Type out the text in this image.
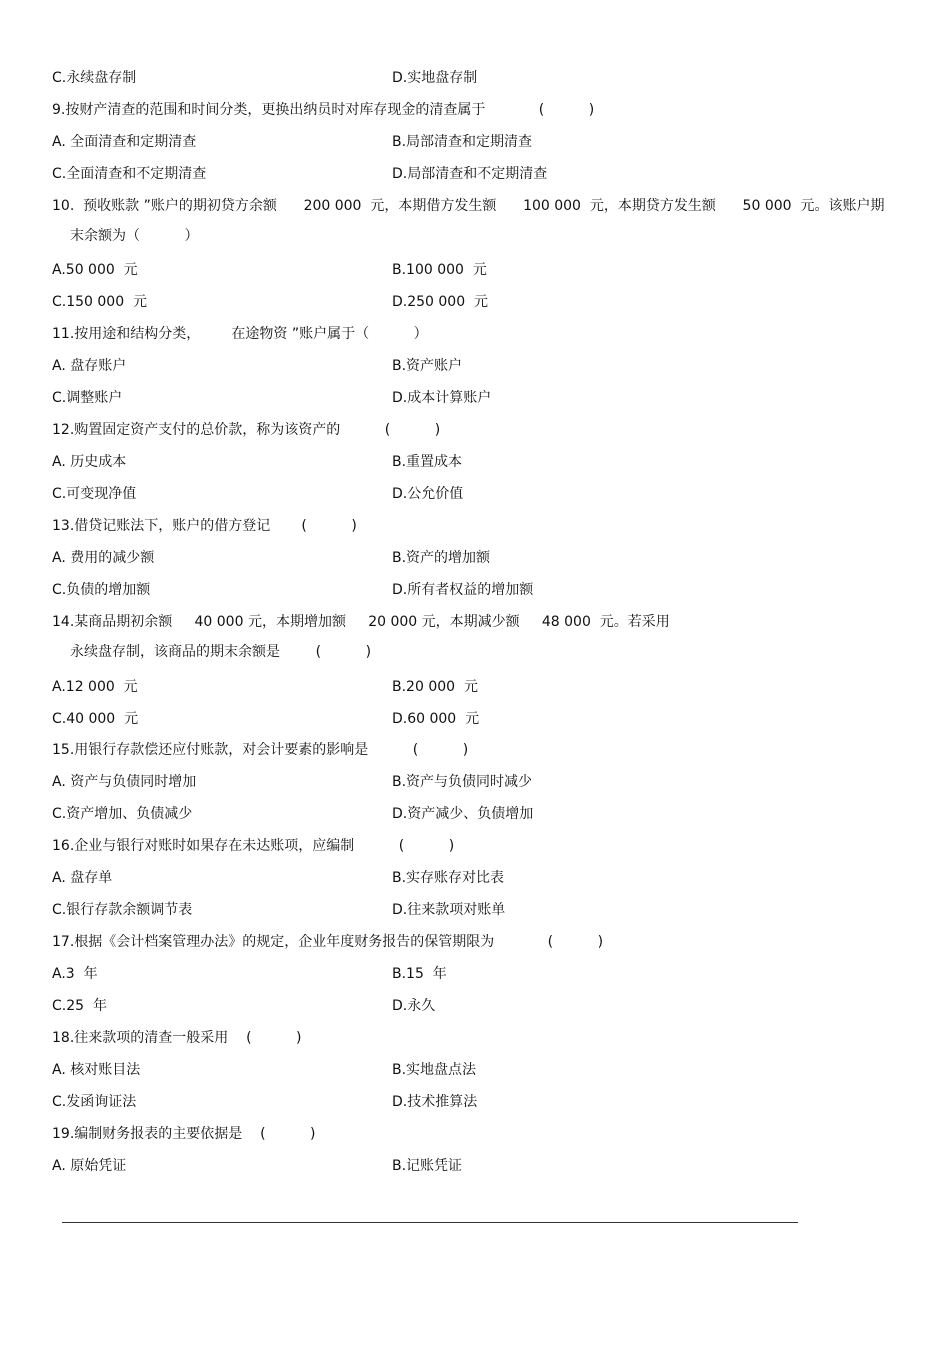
C.永续盘存制	D.实地盘存制
9.按财产清查的范围和时间分类，更换出纳员时对库存现金的清查属于            (          )
A. 全面清查和定期清查	B.局部清查和定期清查
C.全面清查和不定期清查	D.局部清查和不定期清查
10.  预收账款 ”账户的期初贷方余额      200 000  元，本期借方发生额      100 000  元，本期贷方发生额      50 000  元。该账户期
末余额为（          ）
A.50 000  元	B.100 000  元
C.150 000  元	D.250 000  元
11.按用途和结构分类，       在途物资 ”账户属于（          ）
A. 盘存账户	B.资产账户
C.调整账户	D.成本计算账户
12.购置固定资产支付的总价款，称为该资产的          (          )
A. 历史成本	B.重置成本
C.可变现净值	D.公允价值
13.借贷记账法下，账户的借方登记       (          )
A. 费用的减少额	B.资产的增加额
C.负债的增加额	D.所有者权益的增加额
14.某商品期初余额     40 000 元，本期增加额     20 000 元，本期减少额     48 000  元。若采用
永续盘存制，该商品的期末余额是        (          )
A.12 000  元	B.20 000  元
C.40 000  元	D.60 000  元
15.用银行存款偿还应付账款，对会计要素的影响是          (          )
A. 资产与负债同时增加	B.资产与负债同时减少
C.资产增加、负债减少	D.资产减少、负债增加
16.企业与银行对账时如果存在未达账项，应编制          (          )
A. 盘存单	B.实存账存对比表
C.银行存款余额调节表	D.往来款项对账单
17.根据《会计档案管理办法》的规定，企业年度财务报告的保管期限为            (          )
A.3  年	B.15  年
C.25  年	D.永久
18.往来款项的清查一般采用    (          )
A. 核对账目法	B.实地盘点法
C.发函询证法	D.技术推算法
19.编制财务报表的主要依据是    (          )
A. 原始凭证	B.记账凭证
